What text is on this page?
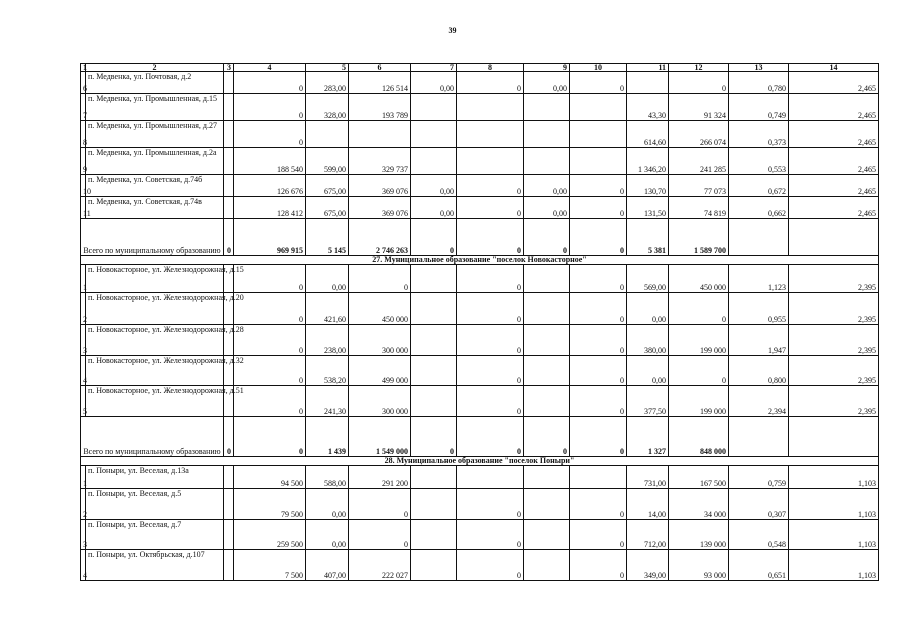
39
1	2	3	4	5	6	7	8	9	10	11	12	13	14
6	п. Медвенка, ул. Почтовая, д.2		0	283,00	126 514	0,00	0	0,00	0		0	0,780	2,465
7	п. Медвенка, ул. Промышленная, д.15		0	328,00	193 789					43,30	91 324	0,749	2,465
8	п. Медвенка, ул. Промышленная, д.27		0							614,60	266 074	0,373	2,465
9	п. Медвенка, ул. Промышленная, д.2а		188 540	599,00	329 737					1 346,20	241 285	0,553	2,465
10	п. Медвенка, ул. Советская, д.74б		126 676	675,00	369 076	0,00	0	0,00	0	130,70	77 073	0,672	2,465
11	п. Медвенка, ул. Советская, д.74в		128 412	675,00	369 076	0,00	0	0,00	0	131,50	74 819	0,662	2,465
Всего по муниципальному образованию		0	969 915	5 145	2 746 263	0	0	0	0	5 381	1 589 700		
27. Муниципальное образование "поселок Новокасторное"													
1	п. Новокасторное, ул. Железнодорожная, д.15		0	0,00	0		0		0	569,00	450 000	1,123	2,395
2	п. Новокасторное, ул. Железнодорожная, д.20		0	421,60	450 000		0		0	0,00	0	0,955	2,395
3	п. Новокасторное, ул. Железнодорожная, д.28		0	238,00	300 000		0		0	380,00	199 000	1,947	2,395
4	п. Новокасторное, ул. Железнодорожная, д.32		0	538,20	499 000		0		0	0,00	0	0,800	2,395
5	п. Новокасторное, ул. Железнодорожная, д.51		0	241,30	300 000		0		0	377,50	199 000	2,394	2,395
Всего по муниципальному образованию		0	0	1 439	1 549 000	0	0	0	0	1 327	848 000		
28. Муниципальное образование "поселок Поныри"													
1	п. Поныри, ул. Веселая, д.13а		94 500	588,00	291 200					731,00	167 500	0,759	1,103
2	п. Поныри, ул. Веселая, д.5		79 500	0,00	0		0		0	14,00	34 000	0,307	1,103
3	п. Поныри, ул. Веселая, д.7		259 500	0,00	0		0		0	712,00	139 000	0,548	1,103
4	п. Поныри, ул. Октябрьская, д.107		7 500	407,00	222 027		0		0	349,00	93 000	0,651	1,103
